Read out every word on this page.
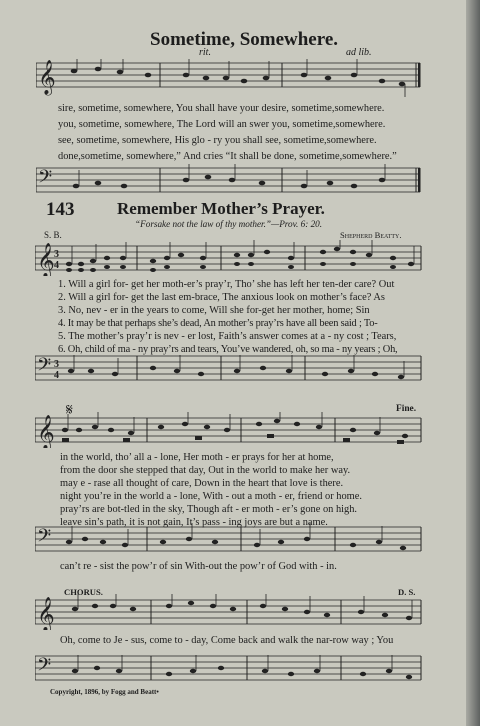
Sometime, Somewhere.
rit.	ad lib.
𝄞
sire, sometime, somewhere, You shall have your desire, sometime,somewhere.
you, sometime, somewhere, The Lord will an swer you, sometime,somewhere.
see, sometime, somewhere, His glo - ry you shall see, sometime,somewhere.
done,sometime, somewhere,” And cries “It shall be done, sometime,somewhere.”
𝄢
143	Remember Mother’s Prayer.
“Forsake not the law of thy mother.”—Prov. 6: 20.
S. B.	Shepherd Beatty.
𝄞 3
4
1. Will a girl for- get her moth-er’s pray’r, Tho’ she has left her ten-der care? Out
2. Will a girl for- get the last em-brace, The anxious look on mother’s face? As
3. No, nev - er in the years to come, Will she for-get her mother, home; Sin
4. It may be that perhaps she’s dead, An mother’s pray’rs have all been said ; To-
5. The mother’s pray’r is nev - er lost, Faith’s answer comes at a - ny cost ; Tears,
6. Oh, child of ma - ny pray’rs and tears, You’ve wandered, oh, so ma - ny years ; Oh,
𝄢 3
4
𝄋	Fine.
𝄞
in the world, tho’ all a - lone, Her moth - er prays for her at home,
from the door she stepped that day, Out in the world to make her way.
may e - rase all thought of care, Down in the heart that love is there.
night you’re in the world a - lone, With - out a moth - er, friend or home.
pray’rs are bot-tled in the sky, Though aft - er moth - er’s gone on high.
leave sin’s path, it is not gain, It’s pass - ing joys are but a name.
𝄢
can’t re - sist the pow’r of sin With-out the pow’r of God with - in.
CHORUS.	D. S.
𝄞
Oh, come to Je - sus, come to - day, Come back and walk the nar-row way ; You
𝄢
Copyright, 1896, by Fogg and Beatt•
